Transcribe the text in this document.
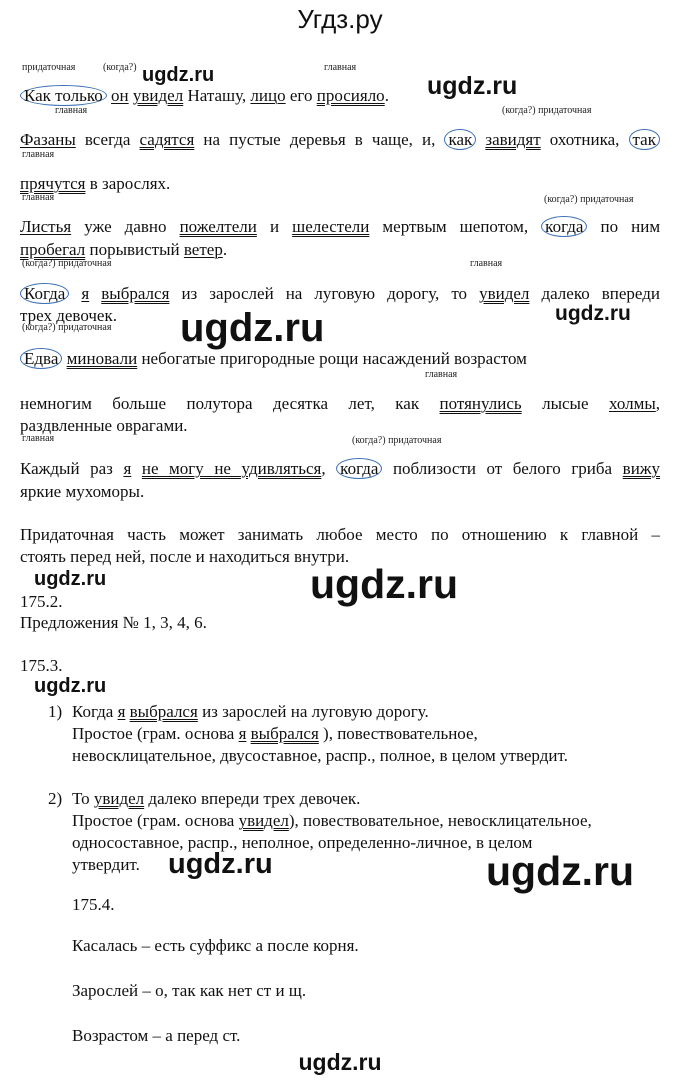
Угдз.ру
придаточная	(когда?)	главная
ugdz.ru	ugdz.ru
Как только он увидел Наташу, лицо его просияло.
главная	(когда?) придаточная
Фазаны всегда садятся на пустые деревья в чаще, и, как завидят охотника, так
главная
прячутся в зарослях.
главная	(когда?) придаточная
Листья уже давно пожелтели и шелестели мертвым шепотом, когда по ним
пробегал порывистый ветер.
(когда?) придаточная	главная
Когда я выбрался из зарослей на луговую дорогу, то увидел далеко впереди
трех девочек.
(когда?) придаточная ugdz.ru	ugdz.ru
Едва миновали небогатые пригородные рощи насаждений возрастом
главная
немногим больше полутора десятка лет, как потянулись лысые холмы,
раздвленные оврагами.
главная	(когда?) придаточная
Каждый раз я не могу не удивляться, когда поблизости от белого гриба вижу
яркие мухоморы.
Придаточная часть может занимать любое место по отношению к главной –
стоять перед ней, после и находиться внутри.
ugdz.ru	ugdz.ru
175.2.
Предложения № 1, 3, 4, 6.
175.3.
ugdz.ru
1) Когда я выбрался из зарослей на луговую дорогу.
Простое (грам. основа я выбрался ), повествовательное,
невосклицательное, двусоставное, распр., полное, в целом утвердит.
2) То увидел далеко впереди трех девочек.
Простое (грам. основа увидел), повествовательное, невосклицательное,
односоставное, распр., неполное, определенно-личное, в целом
утвердит. ugdz.ru	ugdz.ru
175.4.
Касалась – есть суффикс а после корня.
Зарослей – о, так как нет ст и щ.
Возрастом – а перед ст.
ugdz.ru
